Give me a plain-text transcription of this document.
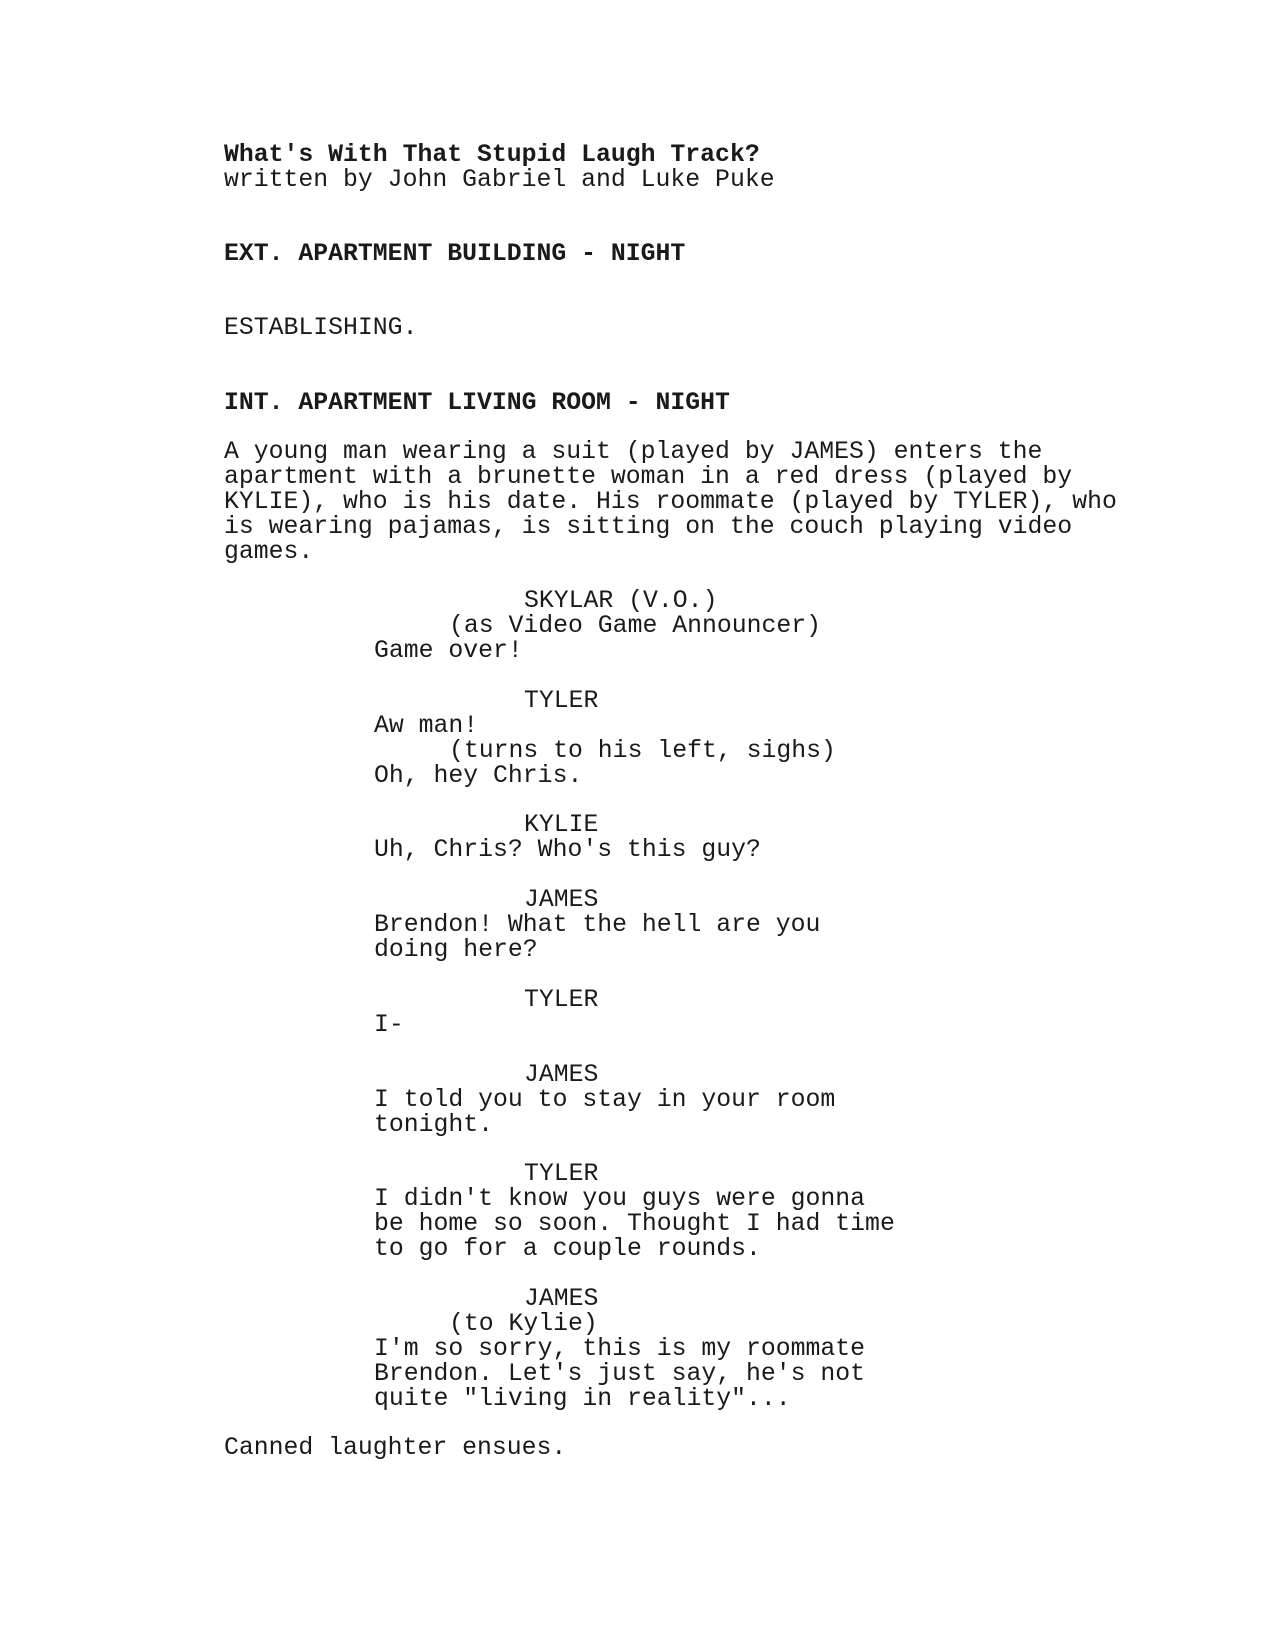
What's With That Stupid Laugh Track?

written by John Gabriel and Luke Puke

EXT. APARTMENT BUILDING - NIGHT

ESTABLISHING.

INT. APARTMENT LIVING ROOM - NIGHT

A young man wearing a suit (played by JAMES) enters the

apartment with a brunette woman in a red dress (played by

KYLIE), who is his date. His roommate (played by TYLER), who

is wearing pajamas, is sitting on the couch playing video

games.

SKYLAR (V.O.)

(as Video Game Announcer)

Game over!

TYLER

Aw man!

(turns to his left, sighs)

Oh, hey Chris.

KYLIE

Uh, Chris? Who's this guy?

JAMES

Brendon! What the hell are you

doing here?

TYLER

I-

JAMES

I told you to stay in your room

tonight.

TYLER

I didn't know you guys were gonna

be home so soon. Thought I had time

to go for a couple rounds.

JAMES

(to Kylie)

I'm so sorry, this is my roommate

Brendon. Let's just say, he's not

quite "living in reality"...

Canned laughter ensues.
